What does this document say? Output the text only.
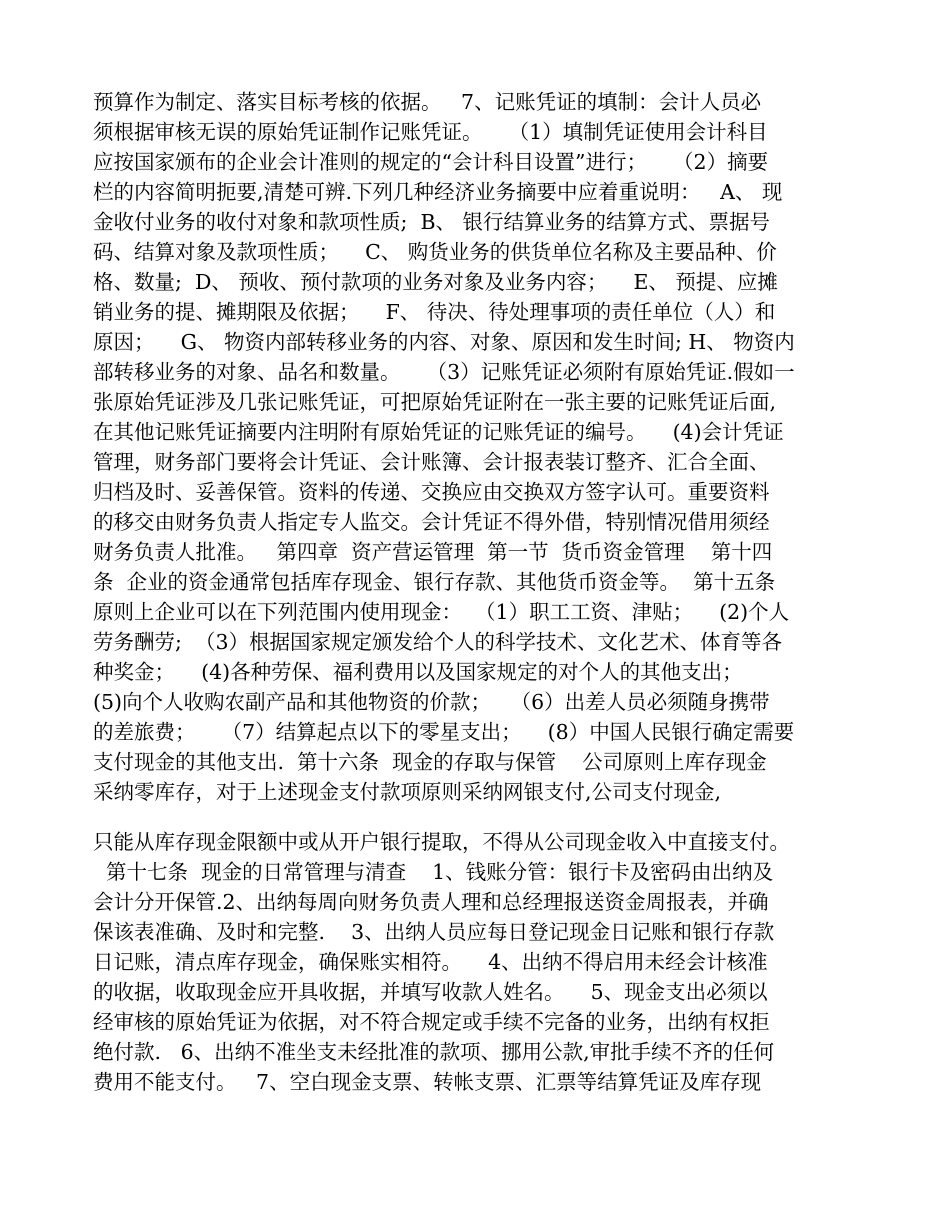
预算作为制定、落实目标考核的依据。   7、记账凭证的填制：会计人员必
须根据审核无误的原始凭证制作记账凭证。    （1）填制凭证使用会计科目
应按国家颁布的企业会计准则的规定的“会计科目设置”进行；    （2）摘要
栏的内容简明扼要,清楚可辨.下列几种经济业务摘要中应着重说明：   A、 现
金收付业务的收付对象和款项性质;  B、 银行结算业务的结算方式、票据号
码、结算对象及款项性质；    C、 购货业务的供货单位名称及主要品种、价
格、数量;  D、 预收、预付款项的业务对象及业务内容；    E、 预提、应摊
销业务的提、摊期限及依据；    F、 待决、待处理事项的责任单位（人）和
原因；    G、 物资内部转移业务的内容、对象、原因和发生时间; H、 物资内
部转移业务的对象、品名和数量。    （3）记账凭证必须附有原始凭证.假如一
张原始凭证涉及几张记账凭证，可把原始凭证附在一张主要的记账凭证后面,
在其他记账凭证摘要内注明附有原始凭证的记账凭证的编号。    (4)会计凭证
管理，财务部门要将会计凭证、会计账簿、会计报表装订整齐、汇合全面、
归档及时、妥善保管。资料的传递、交换应由交换双方签字认可。重要资料
的移交由财务负责人指定专人监交。会计凭证不得外借，特别情况借用须经
财务负责人批准。   第四章  资产营运管理  第一节  货币资金管理    第十四
条  企业的资金通常包括库存现金、银行存款、其他货币资金等。  第十五条
原则上企业可以在下列范围内使用现金：  （1）职工工资、津贴；    (2)个人
劳务酬劳;  （3）根据国家规定颁发给个人的科学技术、文化艺术、体育等各
种奖金；    (4)各种劳保、福利费用以及国家规定的对个人的其他支出；
(5)向个人收购农副产品和其他物资的价款；   （6）出差人员必须随身携带
的差旅费；    （7）结算起点以下的零星支出；    (8）中国人民银行确定需要
支付现金的其他支出.  第十六条  现金的存取与保管    公司原则上库存现金
采纳零库存，对于上述现金支付款项原则采纳网银支付,公司支付现金,
只能从库存现金限额中或从开户银行提取，不得从公司现金收入中直接支付。
第十七条  现金的日常管理与清查    1、钱账分管：银行卡及密码由出纳及
会计分开保管.2、出纳每周向财务负责人理和总经理报送资金周报表，并确
保该表准确、及时和完整.    3、出纳人员应每日登记现金日记账和银行存款
日记账，清点库存现金，确保账实相符。    4、出纳不得启用未经会计核准
的收据，收取现金应开具收据，并填写收款人姓名。    5、现金支出必须以
经审核的原始凭证为依据，对不符合规定或手续不完备的业务，出纳有权拒
绝付款.   6、出纳不准坐支未经批准的款项、挪用公款,审批手续不齐的任何
费用不能支付。   7、空白现金支票、转帐支票、汇票等结算凭证及库存现
